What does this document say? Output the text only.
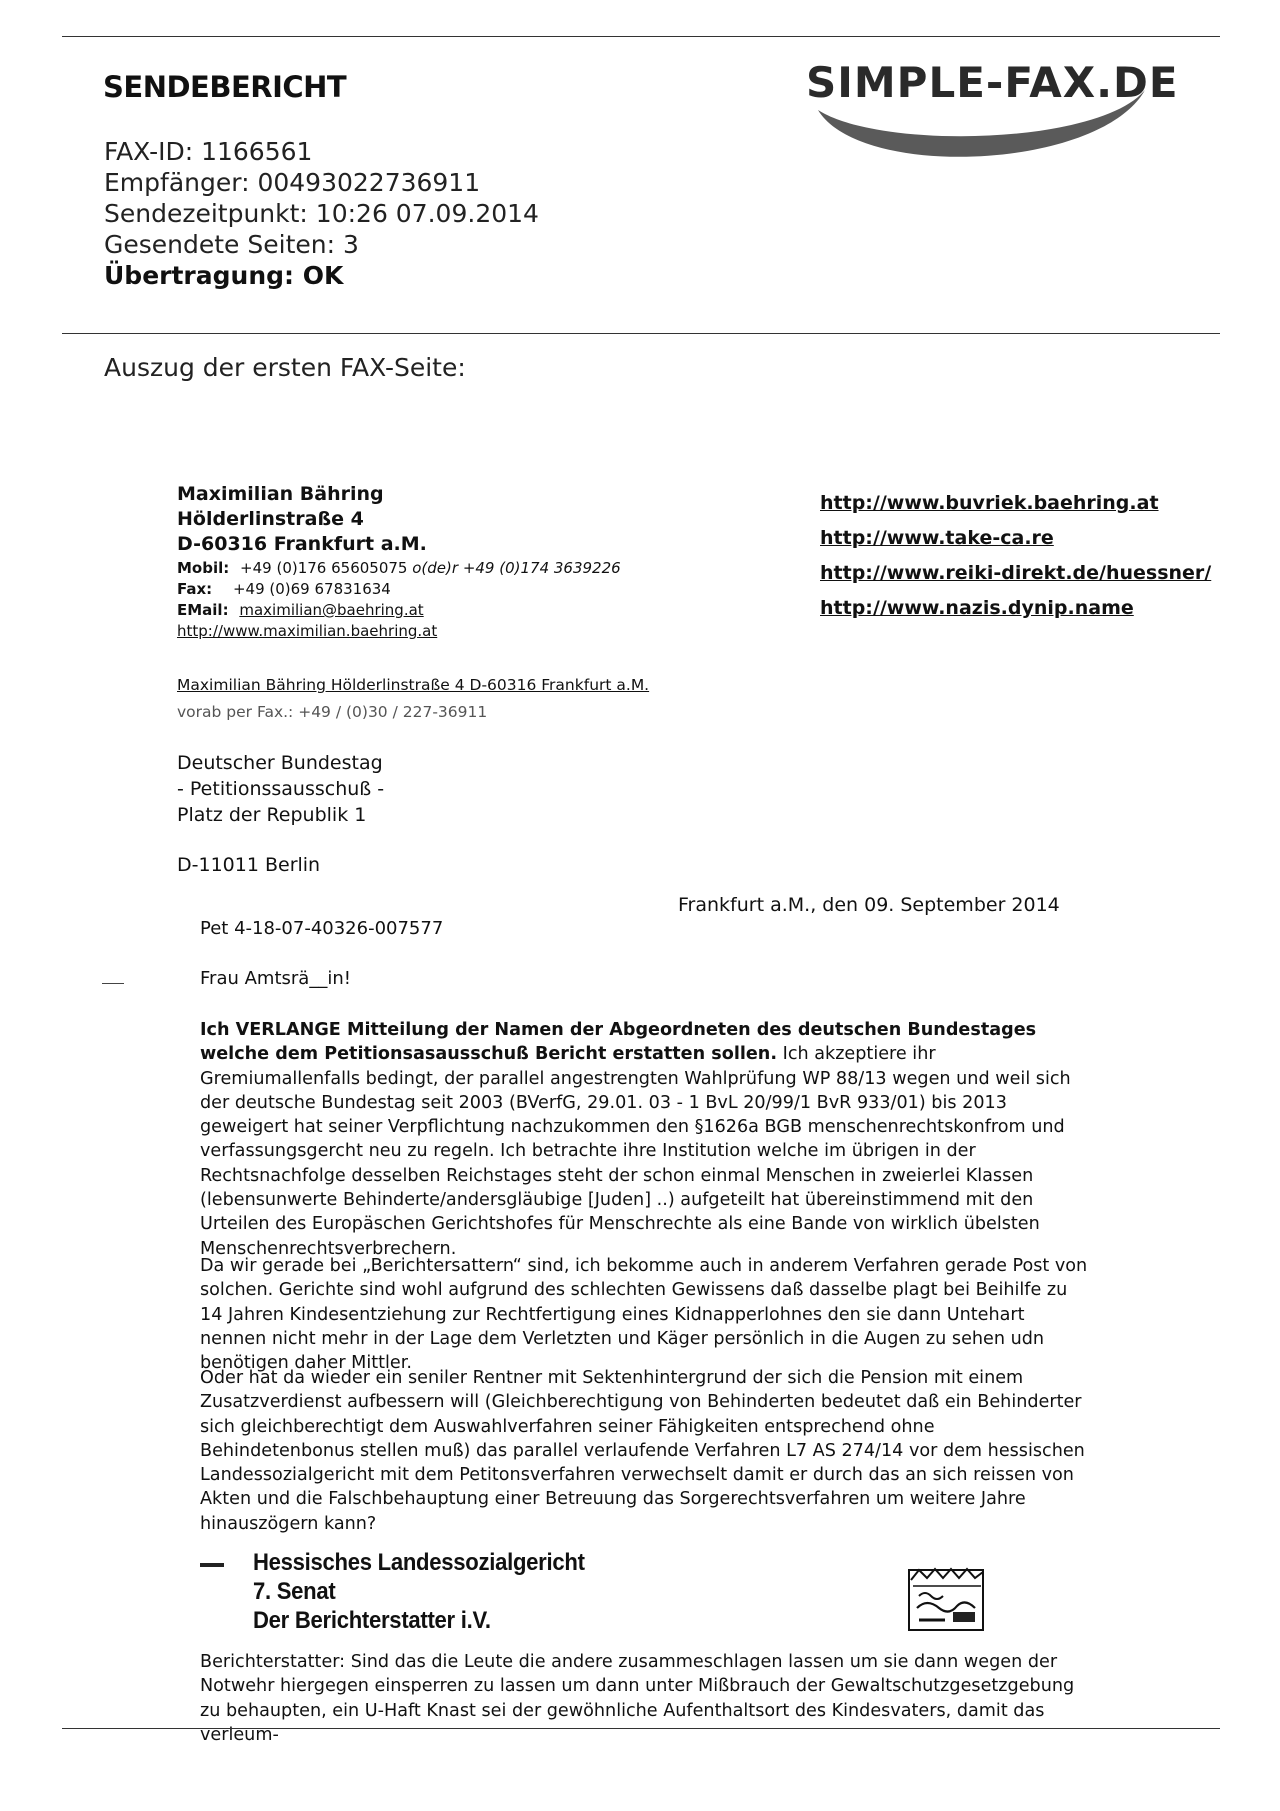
SENDEBERICHT	SIMPLE-FAX.DE
FAX-ID: 1166561
Empfänger: 00493022736911
Sendezeitpunkt: 10:26 07.09.2014
Gesendete Seiten: 3
Übertragung: OK
Auszug der ersten FAX-Seite:
Maximilian Bähring
Hölderlinstraße 4
D-60316 Frankfurt a.M.
Mobil: +49 (0)176 65605075 o(de)r +49 (0)174 3639226
Fax: +49 (0)69 67831634
EMail: maximilian@baehring.at
http://www.maximilian.baehring.at
http://www.buvriek.baehring.at
http://www.take-ca.re
http://www.reiki-direkt.de/huessner/
http://www.nazis.dynip.name
Maximilian Bähring Hölderlinstraße 4 D-60316 Frankfurt a.M.
vorab per Fax.: +49 / (0)30 / 227-36911
Deutscher Bundestag
- Petitionssausschuß -
Platz der Republik 1
D-11011 Berlin
Frankfurt a.M., den 09. September 2014
Pet 4-18-07-40326-007577
Frau Amtsrä__in!

Ich VERLANGE Mitteilung der Namen der Abgeordneten des deutschen Bundestages welche dem Petitionsasausschuß Bericht erstatten sollen. Ich akzeptiere ihr Gremiumallenfalls bedingt, der parallel angestrengten Wahlprüfung WP 88/13 wegen und weil sich der deutsche Bundestag seit 2003 (BVerfG, 29.01. 03 - 1 BvL 20/99/1 BvR 933/01) bis 2013 geweigert hat seiner Verpflichtung nachzukommen den §1626a BGB menschenrechtskonfrom und verfassungsgercht neu zu regeln. Ich betrachte ihre Institution welche im übrigen in der Rechtsnachfolge desselben Reichstages steht der schon einmal Menschen in zweierlei Klassen (lebensunwerte Behinderte/andersgläubige [Juden] ..) aufgeteilt hat übereinstimmend mit den Urteilen des Europäschen Gerichtshofes für Menschrechte als eine Bande von wirklich übelsten Menschenrechtsverbrechern.

Da wir gerade bei „Berichtersattern“ sind, ich bekomme auch in anderem Verfahren gerade Post von solchen. Gerichte sind wohl aufgrund des schlechten Gewissens daß dasselbe plagt bei Beihilfe zu 14 Jahren Kindesentziehung zur Rechtfertigung eines Kidnapperlohnes den sie dann Untehart nennen nicht mehr in der Lage dem Verletzten und Käger persönlich in die Augen zu sehen udn benötigen daher Mittler.

Oder hat da wieder ein seniler Rentner mit Sektenhintergrund der sich die Pension mit einem Zusatzverdienst aufbessern will (Gleichberechtigung von Behinderten bedeutet daß ein Behinderter sich gleichberechtigt dem Auswahlverfahren seiner Fähigkeiten entsprechend ohne Behindetenbonus stellen muß) das parallel verlaufende Verfahren L7 AS 274/14 vor dem hessischen Landessozialgericht mit dem Petitonsverfahren verwechselt damit er durch das an sich reissen von Akten und die Falschbehauptung einer Betreuung das Sorgerechtsverfahren um weitere Jahre hinauszögern kann?

Hessisches Landessozialgericht
7. Senat
Der Berichterstatter i.V.

Berichterstatter: Sind das die Leute die andere zusammeschlagen lassen um sie dann wegen der Notwehr hiergegen einsperren zu lassen um dann unter Mißbrauch der Gewaltschutzgesetzgebung zu behaupten, ein U-Haft Knast sei der gewöhnliche Aufenthaltsort des Kindesvaters, damit das verleum-
